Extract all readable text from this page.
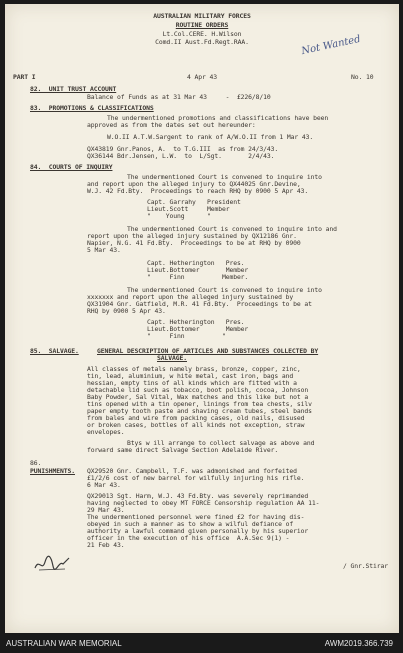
AUSTRALIAN MILITARY FORCES
ROUTINE ORDERS
Lt.Col.CERE. H.Wilson
Comd.II Aust.Fd.Regt.RAA.	Not Wanted
PART I	4 Apr 43	No. 10
82.  UNIT TRUST ACCOUNT
Balance of Funds as at 31 Mar 43     -  £226/8/10
83.  PROMOTIONS & CLASSIFICATIONS
The undermentioned promotions and classifications have been
approved as from the dates set out hereunder:
W.O.II A.T.W.Sargent to rank of A/W.O.II from 1 Mar 43.
QX43819 Gnr.Panos, A.  to T.G.III  as from 24/3/43.
QX36144 Bdr.Jensen, L.W.  to  L/Sgt.       2/4/43.
84.  COURTS OF INQUIRY
The undermentioned Court is convened to inquire into
and report upon the alleged injury to QX44025 Gnr.Devine,
W.J. 42 Fd.Bty.  Proceedings to reach RHQ by 0900 5 Apr 43.
Capt. Garrahy   President
Lieut.Scott     Member
"    Young      "
The undermentioned Court is convened to inquire into and
report upon the alleged injury sustained by QX12186 Gnr.
Napier, N.G. 41 Fd.Bty.  Proceedings to be at RHQ by 0900
5 Mar 43.
Capt. Hetherington   Pres.
Lieut.Bottomer       Member
"     Finn          Member.
The undermentioned Court is convened to inquire into
xxxxxxx and report upon the alleged injury sustained by
QX31904 Gnr. Gatfield, M.R. 41 Fd.Bty.  Proceedings to be at
RHQ by 0900 5 Apr 43.
Capt. Hetherington   Pres.
Lieut.Bottomer       Member
"     Finn          "
85.  SALVAGE.	GENERAL DESCRIPTION OF ARTICLES AND SUBSTANCES COLLECTED BY
SALVAGE.
All classes of metals namely brass, bronze, copper, zinc,
tin, lead, aluminium, w hite metal, cast iron, bags and
hessian, empty tins of all kinds which are fitted with a
detachable lid such as tobacco, boot polish, cocoa, Johnson
Baby Powder, Sal Vital, Wax matches and this like but not a
tins opened with a tin opener, linings from tea chests, silv
paper empty tooth paste and shaving cream tubes, steel bands
from bales and wire from packing cases, old nails, disused
or broken cases, bottles of all kinds not exception, straw
envelopes.
Btys w ill arrange to collect salvage as above and
forward same direct Salvage Section Adelaide River.
86.
PUNISHMENTS. QX29520 Gnr. Campbell, T.F. was admonished and forfeited
£1/2/6 cost of new barrel for wilfully injuring his rifle.
6 Mar 43.
QX29013 Sgt. Harm, W.J. 43 Fd.Bty. was severely reprimanded
having neglected to obey MT FORCE Censorship regulation AA 11-
29 Mar 43.
The undermentioned personnel were fined £2 for having dis-
obeyed in such a manner as to show a wilful defiance of
authority a lawful command given personally by his superior
officer in the execution of his office  A.A.Sec 9(1) -
21 Feb 43.
/ Gnr.Stirar
AUSTRALIAN WAR MEMORIAL	AWM2019.366.739
